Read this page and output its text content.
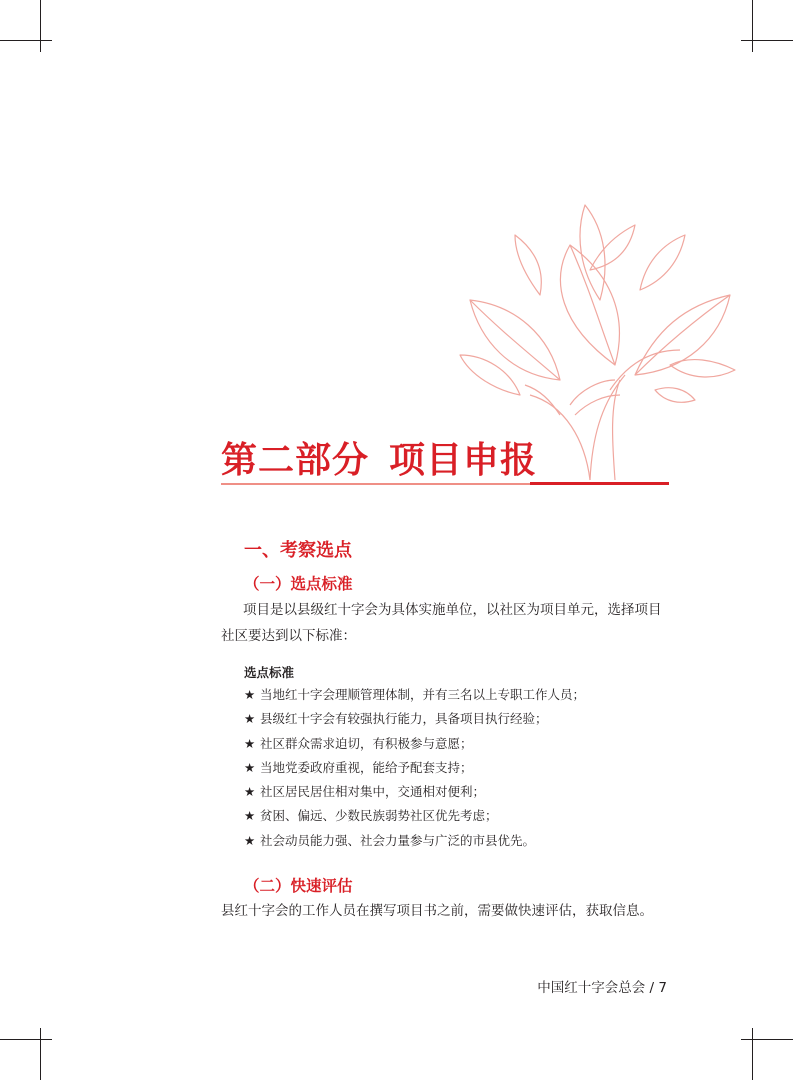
第二部分 项目申报
一、考察选点
（一）选点标准

项目是以县级红十字会为具体实施单位，以社区为项目单元，选择项目社区要达到以下标准：

选点标准

★ 当地红十字会理顺管理体制，并有三名以上专职工作人员；
★ 县级红十字会有较强执行能力，具备项目执行经验；
★ 社区群众需求迫切，有积极参与意愿；
★ 当地党委政府重视，能给予配套支持；
★ 社区居民居住相对集中，交通相对便利；
★ 贫困、偏远、少数民族弱势社区优先考虑；
★ 社会动员能力强、社会力量参与广泛的市县优先。
（二）快速评估

县红十字会的工作人员在撰写项目书之前，需要做快速评估，获取信息。

中国红十字会总会 / 7
